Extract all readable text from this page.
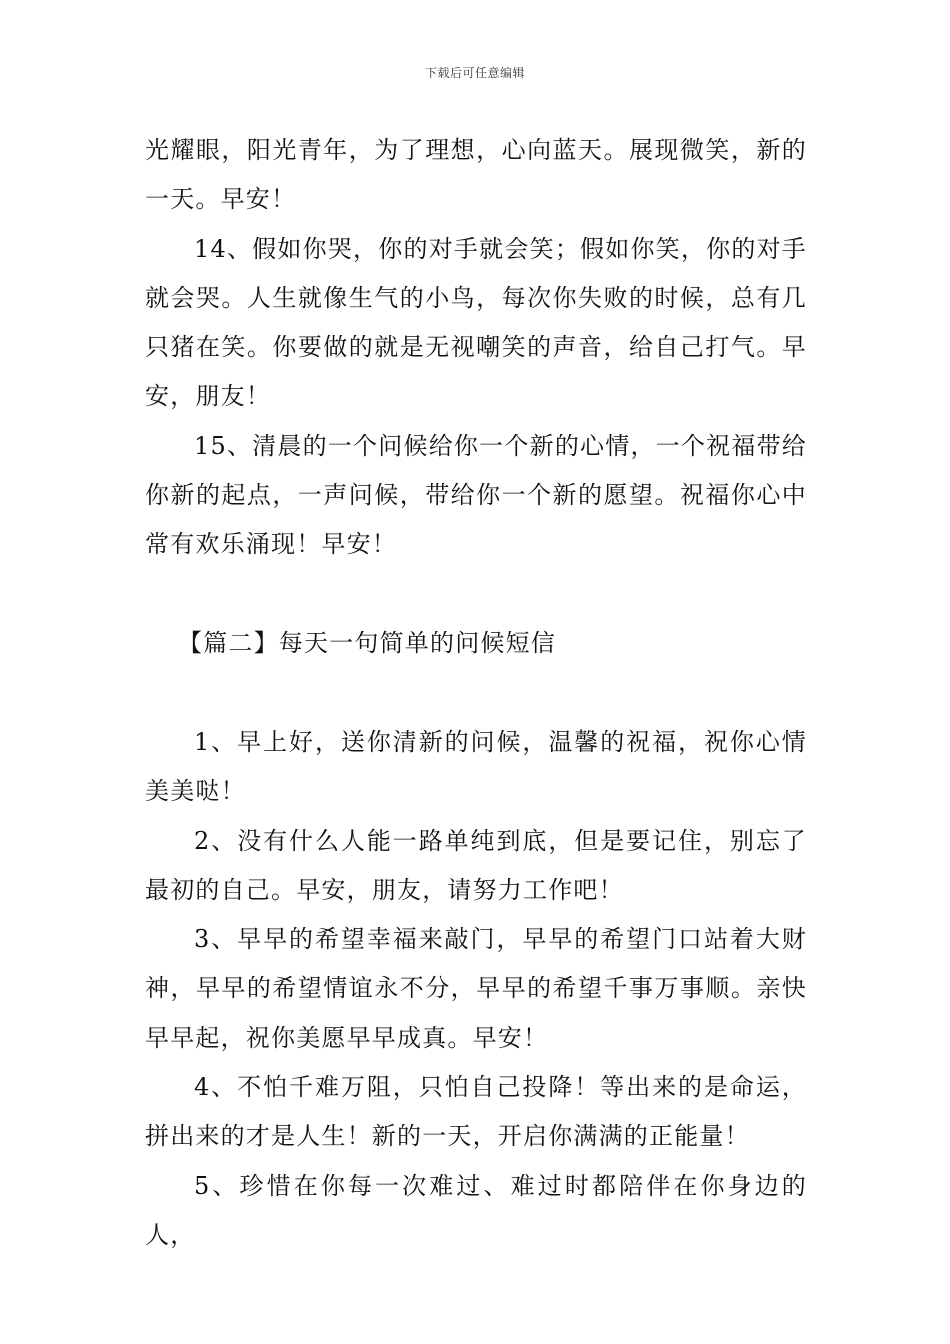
下载后可任意编辑

光耀眼，阳光青年，为了理想，心向蓝天。展现微笑，新的一天。早安！

14、假如你哭，你的对手就会笑；假如你笑，你的对手就会哭。人生就像生气的小鸟，每次你失败的时候，总有几只猪在笑。你要做的就是无视嘲笑的声音，给自己打气。早安，朋友！

15、清晨的一个问候给你一个新的心情，一个祝福带给你新的起点，一声问候，带给你一个新的愿望。祝福你心中常有欢乐涌现！早安！

【篇二】每天一句简单的问候短信

1、早上好，送你清新的问候，温馨的祝福，祝你心情美美哒！

2、没有什么人能一路单纯到底，但是要记住，别忘了最初的自己。早安，朋友，请努力工作吧！

3、早早的希望幸福来敲门，早早的希望门口站着大财神，早早的希望情谊永不分，早早的希望千事万事顺。亲快早早起，祝你美愿早早成真。早安！

4、不怕千难万阻，只怕自己投降！等出来的是命运，拼出来的才是人生！新的一天，开启你满满的正能量！

5、珍惜在你每一次难过、难过时都陪伴在你身边的人，
